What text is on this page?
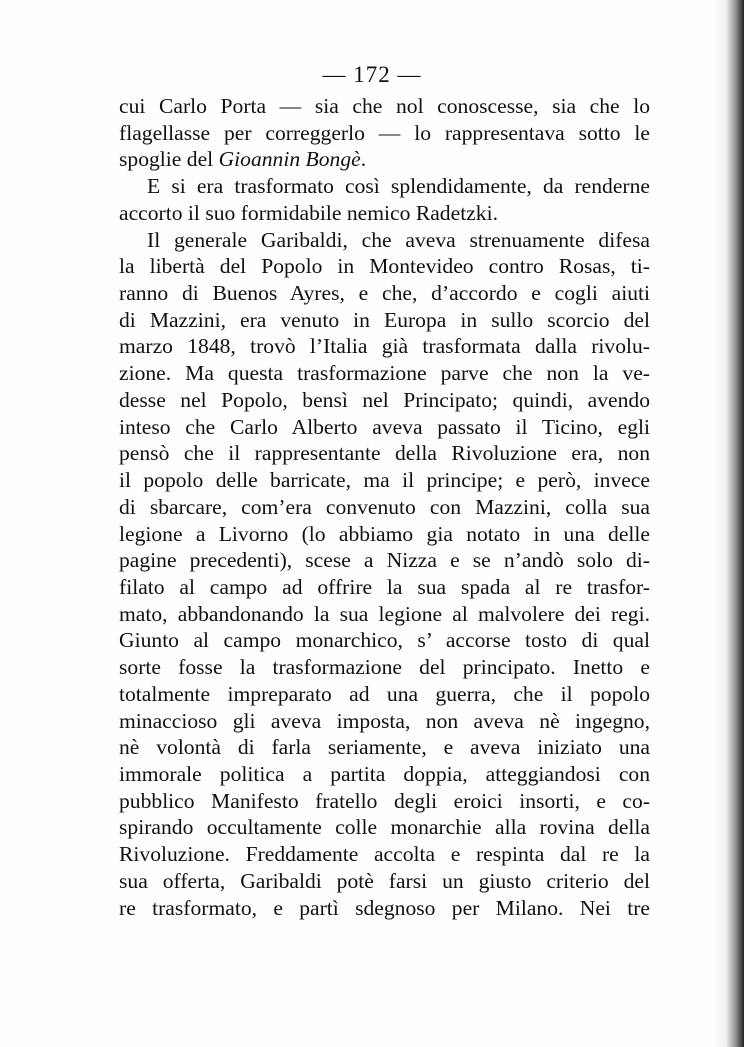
— 172 —
cui Carlo Porta — sia che nol conoscesse, sia che lo
flagellasse per correggerlo — lo rappresentava sotto le
spoglie del Gioannin Bongè.
E si era trasformato così splendidamente, da renderne
accorto il suo formidabile nemico Radetzki.
Il generale Garibaldi, che aveva strenuamente difesa
la libertà del Popolo in Montevideo contro Rosas, ti-
ranno di Buenos Ayres, e che, d’accordo e cogli aiuti
di Mazzini, era venuto in Europa in sullo scorcio del
marzo 1848, trovò l’Italia già trasformata dalla rivolu-
zione. Ma questa trasformazione parve che non la ve-
desse nel Popolo, bensì nel Principato; quindi, avendo
inteso che Carlo Alberto aveva passato il Ticino, egli
pensò che il rappresentante della Rivoluzione era, non
il popolo delle barricate, ma il principe; e però, invece
di sbarcare, com’era convenuto con Mazzini, colla sua
legione a Livorno (lo abbiamo gia notato in una delle
pagine precedenti), scese a Nizza e se n’andò solo di-
filato al campo ad offrire la sua spada al re trasfor-
mato, abbandonando la sua legione al malvolere dei regi.
Giunto al campo monarchico, s’ accorse tosto di qual
sorte fosse la trasformazione del principato. Inetto e
totalmente impreparato ad una guerra, che il popolo
minaccioso gli aveva imposta, non aveva nè ingegno,
nè volontà di farla seriamente, e aveva iniziato una
immorale politica a partita doppia, atteggiandosi con
pubblico Manifesto fratello degli eroici insorti, e co-
spirando occultamente colle monarchie alla rovina della
Rivoluzione. Freddamente accolta e respinta dal re la
sua offerta, Garibaldi potè farsi un giusto criterio del
re trasformato, e partì sdegnoso per Milano. Nei tre
